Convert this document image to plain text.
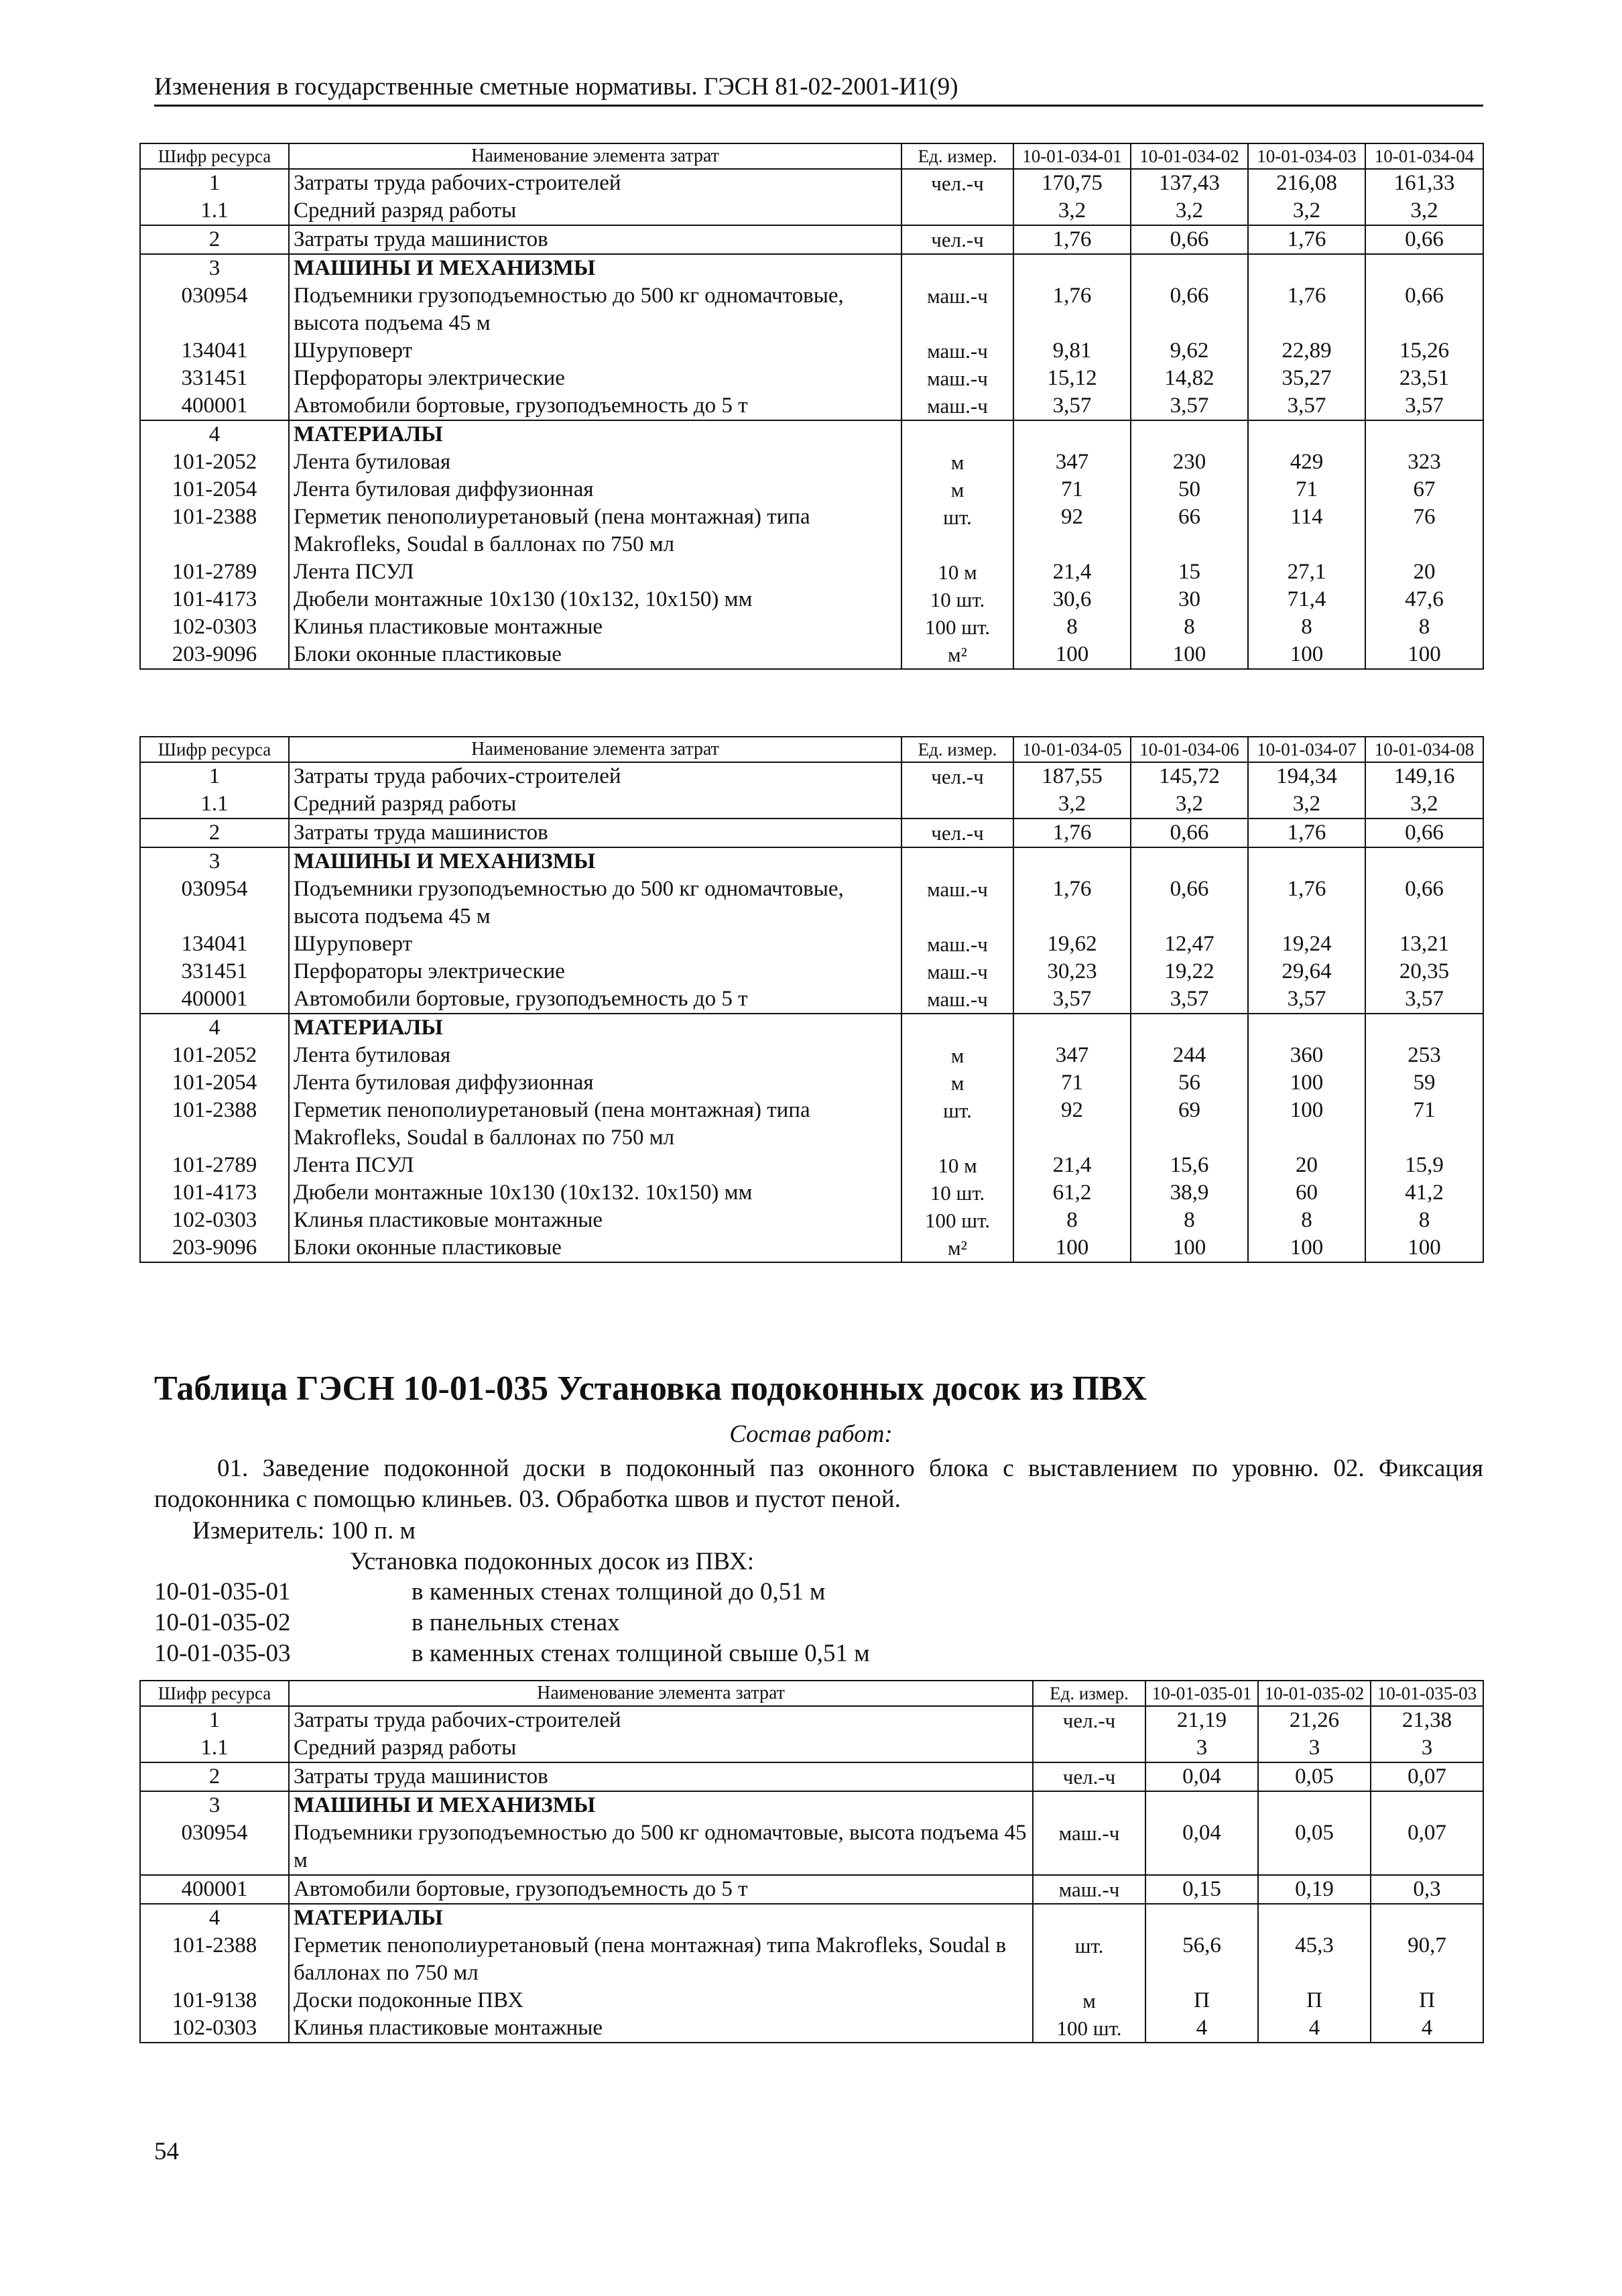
Изменения в государственные сметные нормативы. ГЭСН 81-02-2001-И1(9)
Шифр ресурса	Наименование элемента затрат	Ед. измер.	10-01-034-01	10-01-034-02	10-01-034-03	10-01-034-04
1	Затраты труда рабочих-строителей	чел.-ч	170,75	137,43	216,08	161,33
1.1	Средний разряд работы		3,2	3,2	3,2	3,2
2	Затраты труда машинистов	чел.-ч	1,76	0,66	1,76	0,66
3	МАШИНЫ И МЕХАНИЗМЫ					
030954	Подъемники грузоподъемностью до 500 кг одномачтовые, высота подъема 45 м	маш.-ч	1,76	0,66	1,76	0,66
134041	Шуруповерт	маш.-ч	9,81	9,62	22,89	15,26
331451	Перфораторы электрические	маш.-ч	15,12	14,82	35,27	23,51
400001	Автомобили бортовые, грузоподъемность до 5 т	маш.-ч	3,57	3,57	3,57	3,57
4	МАТЕРИАЛЫ					
101-2052	Лента бутиловая	м	347	230	429	323
101-2054	Лента бутиловая диффузионная	м	71	50	71	67
101-2388	Герметик пенополиуретановый (пена монтажная) типа Makroflеks, Soudal в баллонах по 750 мл	шт.	92	66	114	76
101-2789	Лента ПСУЛ	10 м	21,4	15	27,1	20
101-4173	Дюбели монтажные 10х130 (10х132, 10х150) мм	10 шт.	30,6	30	71,4	47,6
102-0303	Клинья пластиковые монтажные	100 шт.	8	8	8	8
203-9096	Блоки оконные пластиковые	м²	100	100	100	100
Шифр ресурса	Наименование элемента затрат	Ед. измер.	10-01-034-05	10-01-034-06	10-01-034-07	10-01-034-08
1	Затраты труда рабочих-строителей	чел.-ч	187,55	145,72	194,34	149,16
1.1	Средний разряд работы		3,2	3,2	3,2	3,2
2	Затраты труда машинистов	чел.-ч	1,76	0,66	1,76	0,66
3	МАШИНЫ И МЕХАНИЗМЫ					
030954	Подъемники грузоподъемностью до 500 кг одномачтовые, высота подъема 45 м	маш.-ч	1,76	0,66	1,76	0,66
134041	Шуруповерт	маш.-ч	19,62	12,47	19,24	13,21
331451	Перфораторы электрические	маш.-ч	30,23	19,22	29,64	20,35
400001	Автомобили бортовые, грузоподъемность до 5 т	маш.-ч	3,57	3,57	3,57	3,57
4	МАТЕРИАЛЫ					
101-2052	Лента бутиловая	м	347	244	360	253
101-2054	Лента бутиловая диффузионная	м	71	56	100	59
101-2388	Герметик пенополиуретановый (пена монтажная) типа Makroflеks, Soudal в баллонах по 750 мл	шт.	92	69	100	71
101-2789	Лента ПСУЛ	10 м	21,4	15,6	20	15,9
101-4173	Дюбели монтажные 10х130 (10х132. 10х150) мм	10 шт.	61,2	38,9	60	41,2
102-0303	Клинья пластиковые монтажные	100 шт.	8	8	8	8
203-9096	Блоки оконные пластиковые	м²	100	100	100	100
Таблица ГЭСН 10-01-035 Установка подоконных досок из ПВХ
Состав работ:
01. Заведение подоконной доски в подоконный паз оконного блока с выставлением по уровню. 02. Фиксация подоконника с помощью клиньев. 03. Обработка швов и пустот пеной.
Измеритель: 100 п. м
Установка подоконных досок из ПВХ:
10-01-035-01	в каменных стенах толщиной до 0,51 м
10-01-035-02	в панельных стенах
10-01-035-03	в каменных стенах толщиной свыше 0,51 м
Шифр ресурса	Наименование элемента затрат	Ед. измер.	10-01-035-01	10-01-035-02	10-01-035-03
1	Затраты труда рабочих-строителей	чел.-ч	21,19	21,26	21,38
1.1	Средний разряд работы		3	3	3
2	Затраты труда машинистов	чел.-ч	0,04	0,05	0,07
3	МАШИНЫ И МЕХАНИЗМЫ				
030954	Подъемники грузоподъемностью до 500 кг одномачтовые, высота подъема 45 м	маш.-ч	0,04	0,05	0,07
400001	Автомобили бортовые, грузоподъемность до 5 т	маш.-ч	0,15	0,19	0,3
4	МАТЕРИАЛЫ				
101-2388	Герметик пенополиуретановый (пена монтажная) типа Makroflеks, Soudal в баллонах по 750 мл	шт.	56,6	45,3	90,7
101-9138	Доски подоконные ПВХ	м	П	П	П
102-0303	Клинья пластиковые монтажные	100 шт.	4	4	4
54
